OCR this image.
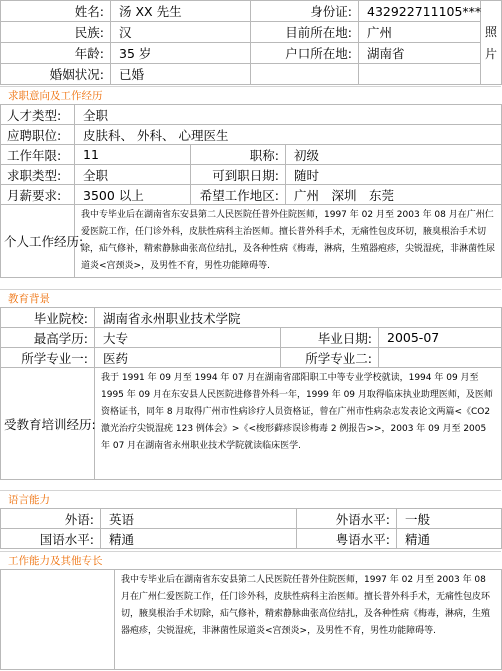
姓名:	汤 XX 先生	身份证:	432922711105***	照片
民族:	汉	目前所在地:	广州	
年龄:	35 岁	户口所在地:	湖南省	
婚姻状况:	已婚			
求职意向及工作经历
人才类型:	全职		
应聘职位:	皮肤科、 外科、 心理医生		
工作年限:	11	职称:	初级
求职类型:	全职	可到职日期:	随时
月薪要求:	3500 以上	希望工作地区:	广州　深圳　东莞
个人工作经历:	我中专毕业后在湖南省东安县第二人民医院任普外住院医师，1997 年 02 月至 2003 年 08 月在广州仁爱医院工作，任门诊外科，皮肤性病科主治医师。擅长普外科手术，无痛性包皮环切，腋臭根治手术切除，疝气修补，精索静脉曲张高位结扎，及各种性病《梅毒，淋病，生殖器疱疹，尖锐湿疣，非淋菌性尿道炎<宫颈炎>，及男性不育，男性功能障碍等.		
教育背景
毕业院校:	湖南省永州职业技术学院		
最高学历:	大专	毕业日期:	2005-07
所学专业一:	医药	所学专业二:	
受教育培训经历:	我于 1991 年 09 月至 1994 年 07 月在湖南省邵阳职工中等专业学校就读，1994 年 09 月至 1995 年 09 月在东安县人民医院进修普外科一年，1999 年 09 月取得临床执业助理医师，及医师资格证书，同年 8 月取得广州市性病诊疗人员资格证，曾在广州市性病杂志发表论文两篇<《CO2 激光治疗尖锐湿疣 123 例体会》>《<梭形藓疹误诊梅毒 2 例报告>>，2003 年 09 月至 2005 年 07 月在湖南省永州职业技术学院就读临床医学.		
语言能力
外语:	英语	外语水平:	一般
国语水平:	精通	粤语水平:	精通
工作能力及其他专长
	我中专毕业后在湖南省东安县第二人民医院任普外住院医师，1997 年 02 月至 2003 年 08 月在广州仁爱医院工作，任门诊外科，皮肤性病科主治医师。擅长普外科手术，无痛性包皮环切，腋臭根治手术切除，疝气修补，精索静脉曲张高位结扎，及各种性病《梅毒，淋病，生殖器疱疹，尖锐湿疣，非淋菌性尿道炎<宫颈炎>，及男性不育，男性功能障碍等.
